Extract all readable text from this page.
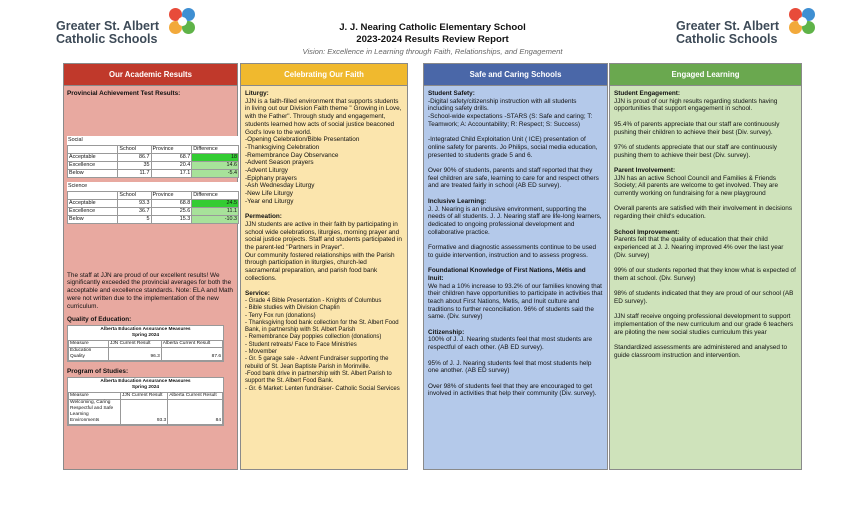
Greater St. Albert
Catholic Schools
Greater St. Albert
Catholic Schools
J. J. Nearing Catholic Elementary School
2023-2024 Results Review Report
Vision: Excellence in Learning through Faith, Relationships, and Engagement
Our Academic Results
Provincial Achievement Test Results:
Social
	School	Province	Difference
Acceptable	86.7	68.7	18
Excellence	35	20.4	14.6
Below	11.7	17.1	-5.4
Science
	School	Province	Difference
Acceptable	93.3	68.8	24.5
Excellence	36.7	25.6	11.1
Below	5	15.3	-10.3
The staff at JJN are proud of our excellent results! We significantly exceeded the provincial averages for both the acceptable and excellence standards. Note: ELA and Math were not written due to the implementation of the new curriculum.
Quality of Education:
Alberta Education Assurance Measures
Spring 2024
Measure	JJN Current Result	Alberta Current Result
Education Quality	96.3	87.6
Program of Studies:
Alberta Education Assurance Measures
Spring 2024
Measure	JJN Current Result	Alberta Current Result
Welcoming, Caring Respectful and Safe Learning Environments	93.3	84
Celebrating Our Faith
Liturgy:
JJN is a faith-filled environment that supports students in living out our Division Faith theme " Growing in Love, with the Father". Through study and engagement, students learned how acts of social justice beaconed God's love to the world.
-Opening Celebration/Bible Presentation
-Thanksgiving Celebration
-Remembrance Day Observance
-Advent Season prayers
-Advent Liturgy
-Epiphany prayers
-Ash Wednesday Liturgy
-New Life Liturgy
-Year end Liturgy
Permeation:
JJN students are active in their faith by participating in school wide celebrations, liturgies, morning prayer and social justice projects. Staff and students participated in the parent-led "Partners in Prayer".

Our community fostered relationships with the Parish through participation in liturgies, church-led sacramental preparation, and parish food bank collections.

Service:
- Grade 4 Bible Presentation - Knights of Columbus
- Bible studies with Division Chaplin
- Terry Fox run (donations)
- Thanksgiving food bank collection for the St. Albert Food Bank, in partnership with St. Albert Parish
- Remembrance Day poppies collection (donations)
- Student retreats/ Face to Face Ministries
- Movember
- Gr. 5 garage sale - Advent Fundraiser supporting the rebuild of St. Jean Baptiste Parish in Morinville.
-Food bank drive in partnership with St. Albert Parish to support the St. Albert Food Bank.
- Gr. 6 Market: Lenten fundraiser- Catholic Social Services
Safe and Caring Schools
Student Safety:
-Digital safety/citizenship instruction with all students including safety drills.

-School-wide expectations -STARS (S: Safe and caring; T: Teamwork; A: Accountability; R: Respect; S: Success)

-Integrated Child Exploitation Unit ( ICE) presentation of online safety for parents. Jo Philips, social media education, presented to students grade 5 and 6.

Over 90% of students, parents and staff reported that they feel children are safe, learning to care for and respect others and are treated fairly in school (AB ED survey).

Inclusive Learning:

J. J. Nearing is an inclusive environment, supporting the needs of all students. J. J. Nearing staff are life-long learners, dedicated to ongoing professional development and collaborative practice.

Formative and diagnostic assessments continue to be used to guide intervention, instruction and to assess progress.

Foundational Knowledge of First Nations, Métis and Inuit:

We had a 10% increase to 93.2% of our families knowing that their children have opportunities to participate in activities that teach about First Nations, Metis, and Inuit culture and traditions to further reconciliation. 96% of students said the same. (Div. survey)

Citizenship:

100% of J. J. Nearing students feel that most students are respectful of each other. (AB ED survey).

95% of J. J. Nearing students feel that most students help one another. (AB ED survey)

Over 98% of students feel that they are encouraged to get involved in activities that help their community (Div. survey).

Engaged Learning
Student Engagement:

JJN is proud of our high results regarding students having opportunities that support engagement in school.

95.4% of parents appreciate that our staff are continuously pushing their children to achieve their best (Div. survey).

97% of students appreciate that our staff are continuously pushing them to achieve their best (Div. survey).

Parent Involvement:

JJN has an active School Council and Families & Friends Society; All parents are welcome to get involved. They are currently working on fundraising for a new playground

Overall parents are satisfied with their involvement in decisions regarding their child's education.

School Improvement:

Parents felt that the quality of education that their child experienced at J. J. Nearing improved 4% over the last year (Div. survey)

99% of our students reported that they know what is expected of them at school. (Div. Survey)

98% of students indicated that they are proud of our school (AB ED survey).

JJN staff receive ongoing professional development to support implementation of the new curriculum and our grade 6 teachers are piloting the new social studies curriculum this year

Standardized assessments are administered and analysed to guide classroom instruction and intervention.
